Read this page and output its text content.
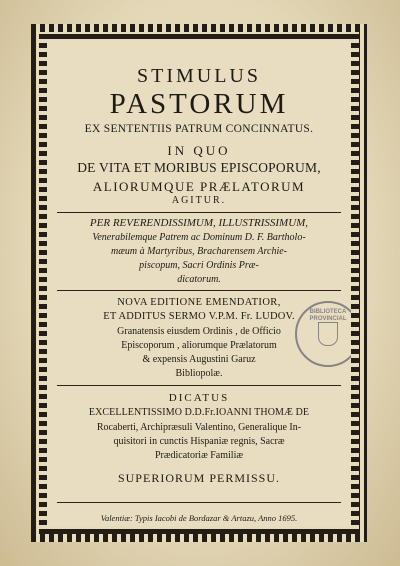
STIMULUS

PASTORUM

EX SENTENTIIS PATRUM CONCINNATUS.

IN QUO

DE VITA ET MORIBUS EPISCOPORUM,

ALIORUMQUE PRÆLATORUM

AGITUR.

PER REVERENDISSIMUM, ILLUSTRISSIMUM,

Venerabilemque Patrem ac Dominum D. F. Bartholo-

mæum à Martyribus, Bracharensem Archie-

piscopum, Sacri Ordinis Præ-

dicatorum.

NOVA EDITIONE EMENDATIOR,

ET ADDITUS SERMO V.P.M. Fr. LUDOV.

Granatensis eiusdem Ordinis , de Officio

Episcoporum , aliorumque Prælatorum

& expensis Augustini Garuz

Bibliopolæ.

DICATUS

EXCELLENTISSIMO D.D.Fr.IOANNI THOMÆ DE

Rocaberti, Archipræsuli Valentino, Generalique In-

quisitori in cunctis Hispaniæ regnis, Sacræ

Prædicatoriæ Familiæ

SUPERIORUM PERMISSU.

Valentiæ: Typis Iacobi de Bordazar & Artazu, Anno 1695.

BIBLIOTECA PROVINCIAL
